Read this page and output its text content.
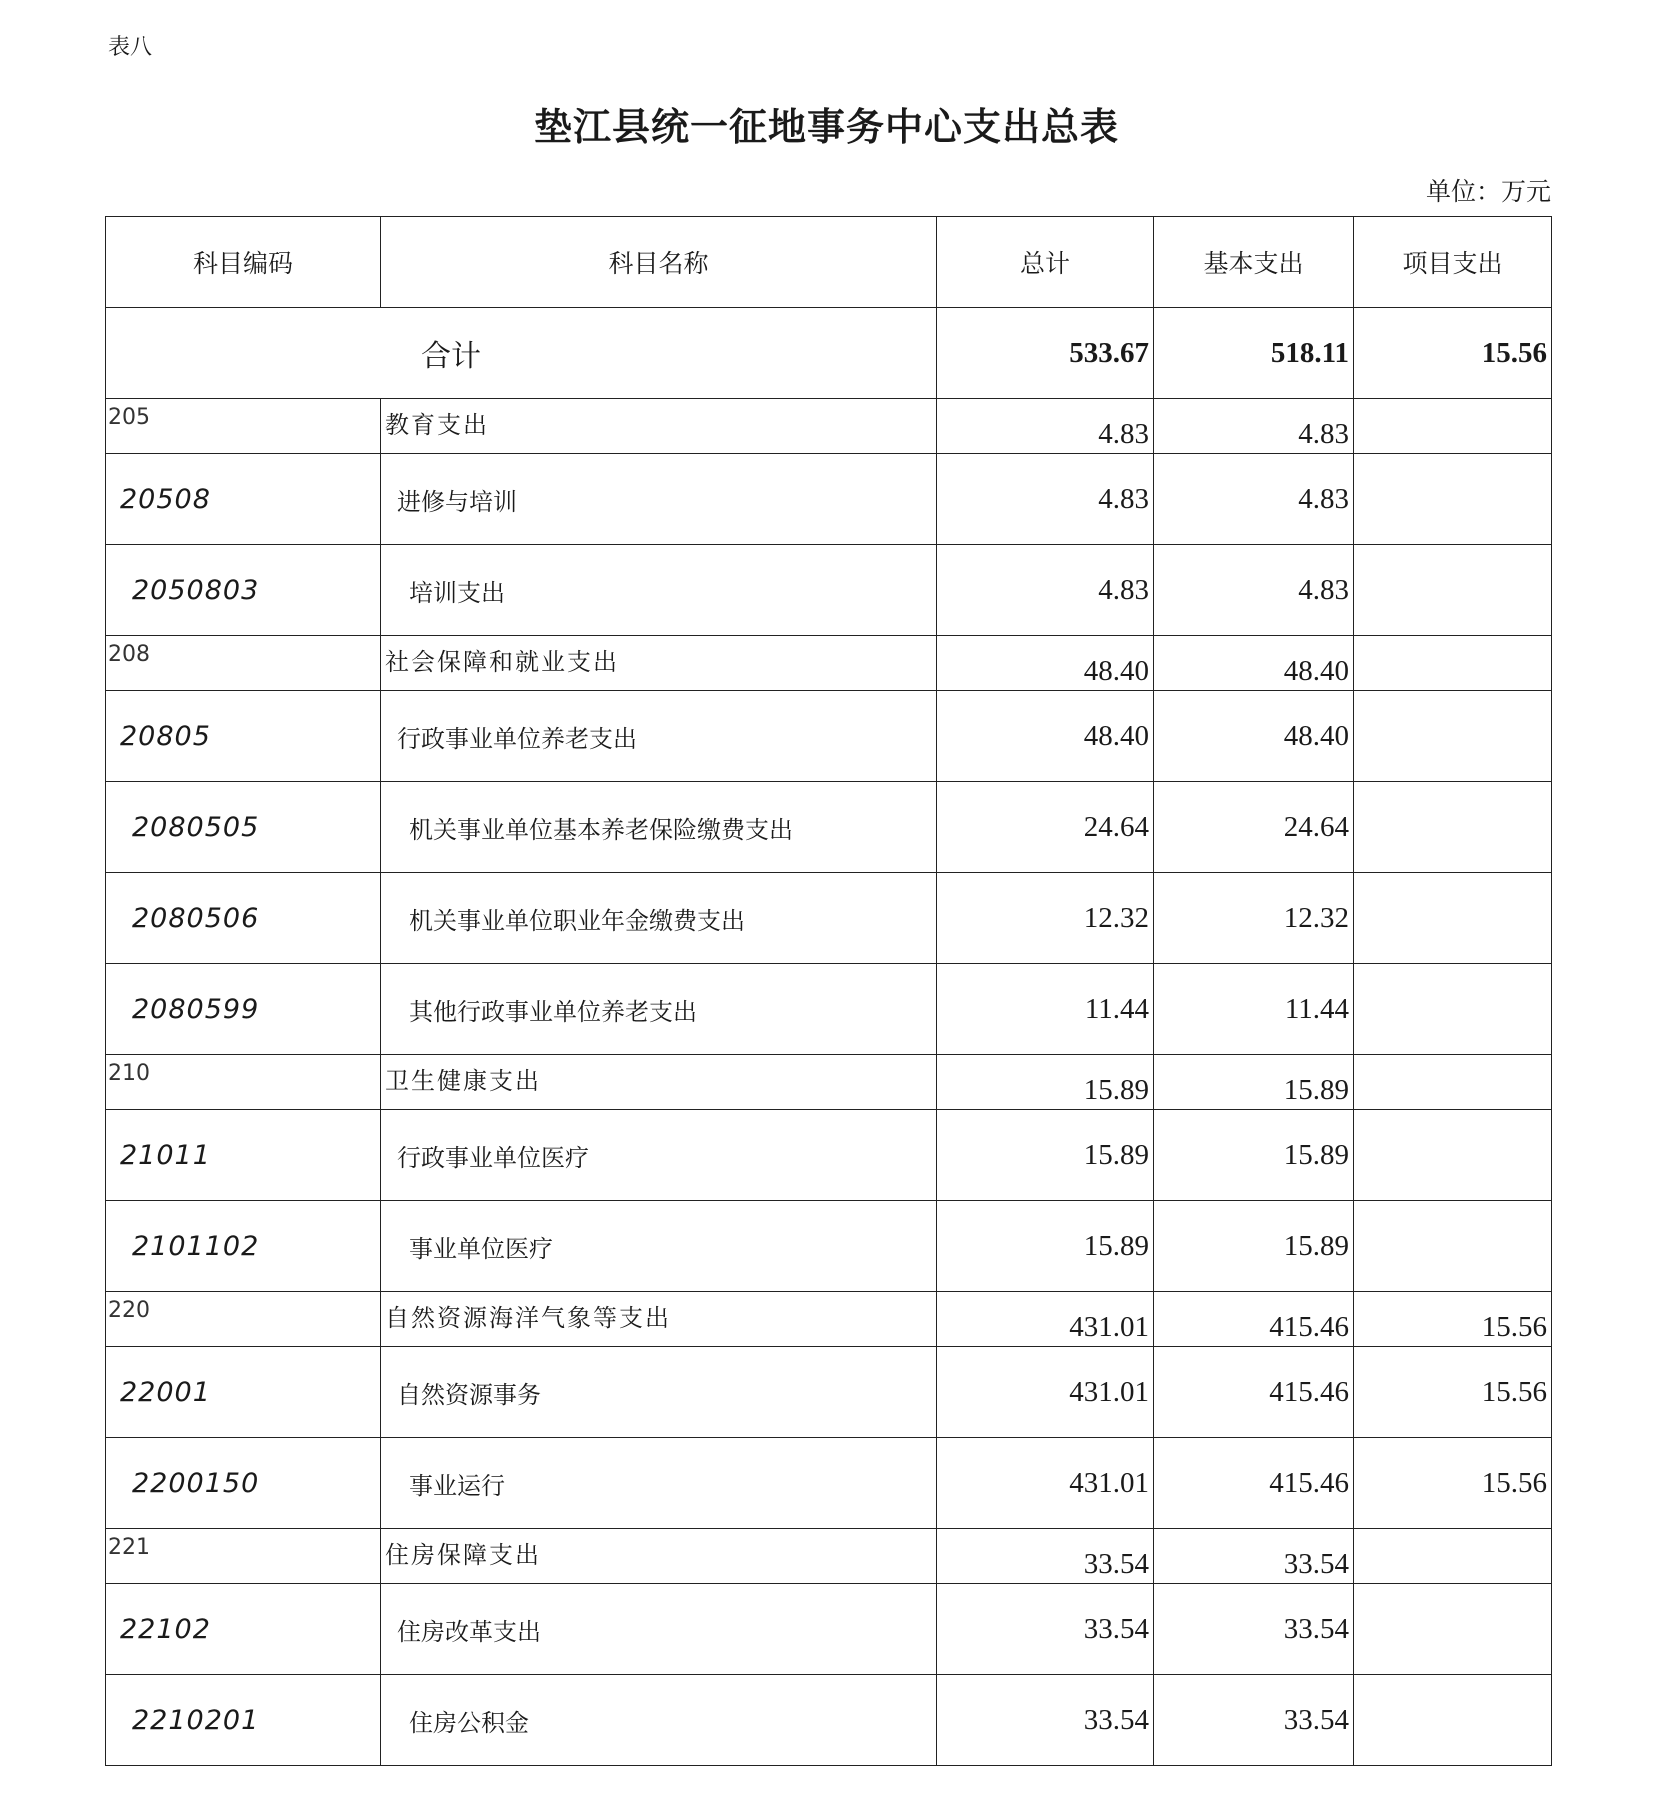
表八
垫江县统一征地事务中心支出总表
单位：万元
科目编码	科目名称	总计	基本支出	项目支出
合计		533.67	518.11	15.56
205	教育支出	4.83	4.83	
20508	进修与培训	4.83	4.83	
2050803	培训支出	4.83	4.83	
208	社会保障和就业支出	48.40	48.40	
20805	行政事业单位养老支出	48.40	48.40	
2080505	机关事业单位基本养老保险缴费支出	24.64	24.64	
2080506	机关事业单位职业年金缴费支出	12.32	12.32	
2080599	其他行政事业单位养老支出	11.44	11.44	
210	卫生健康支出	15.89	15.89	
21011	行政事业单位医疗	15.89	15.89	
2101102	事业单位医疗	15.89	15.89	
220	自然资源海洋气象等支出	431.01	415.46	15.56
22001	自然资源事务	431.01	415.46	15.56
2200150	事业运行	431.01	415.46	15.56
221	住房保障支出	33.54	33.54	
22102	住房改革支出	33.54	33.54	
2210201	住房公积金	33.54	33.54	
